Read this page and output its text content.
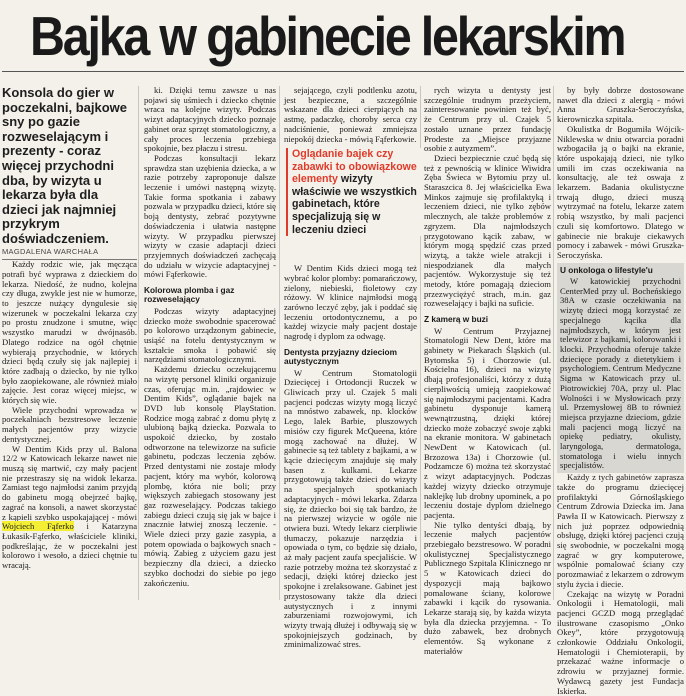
Bajka w gabinecie lekarskim

Konsola do gier w poczekalni, bajkowe sny po gazie rozweselającym i prezenty - coraz więcej przychodni dba, by wizyta u lekarza była dla dzieci jak najmniej przykrym doświadczeniem.

MAGDALENA WARCHAŁA

Każdy rodzic wie, jak męcząca potrafi być wyprawa z dzieckiem do lekarza. Niedość, że nudno, kolejna czy długa, zwykle jest nie w humorze, to jeszcze nużący dyngulesie się wizerunek w poczekalni lekarza czy po prostu znudzone i smutne, więc wszystko marudzi w dwójnasób. Dlatego rodzice na ogół chętnie wybierają przychodnie, w których dzieci będą czuły się jak najlepiej i które zadbają o dziecko, by nie tylko było zaopiekowane, ale również miało zajęcie. Jest coraz więcej miejsc, w których się wie.

Wiele przychodni wprowadza w poczekalniach bezstresowe leczenie małych pacjentów przy wizycie dentystycznej.

W Dentim Kids przy ul. Balona 12/2 w Katowicach lekarze nawet nie muszą się martwić, czy mały pacjent nie przestraszy się na widok lekarza. Zamiast tego najmłodsi zanim przyjdą do gabinetu mogą obejrzeć bajkę, zagrać na konsoli, a nawet skorzystać z kąpieli szybko uspokajającej - mówi Wojciech Fąferko i Katarzyna Łukasik-Fąferko, właściciele kliniki, podkreślając, że w poczekalni jest kolorowo i wesoło, a dzieci chętnie tu wracają.

ki. Dzięki temu zawsze u nas pojawi się uśmiech i dziecko chętnie wraca na kolejne wizyty. Podczas wizyt adaptacyjnych dziecko poznaje gabinet oraz sprzęt stomatologiczny, a cały proces leczenia przebiega spokojnie, bez płaczu i stresu.

Podczas konsultacji lekarz sprawdza stan uzębienia dziecka, a w razie potrzeby zaproponuje dalsze leczenie i umówi następną wizytę. Takie forma spotkania i zabawy pozwala w przypadku dzieci, które się boją dentysty, zebrać pozytywne doświadczenia i ułatwia następne wizyty. W przypadku pierwszej wizyty w czasie adaptacji dzieci przyjemnych doświadczeń zachęcają do udziału w wizycie adaptacyjnej - mówi Fąferkowie.

Kolorowa plomba i gaz rozweselający

Podczas wizyty adaptacyjnej dziecko może swobodnie spacerować po kolorowo urządzonym gabinecie, usiąść na fotelu dentystycznym w kształcie smoka i pobawić się narzędziami stomatologicznymi.

Każdemu dziecku oczekującemu na wizytę personel kliniki organizuje czas, oferując m.in. „rajdowiec w Dentim Kids”, oglądanie bajek na DVD lub konsolę PlayStation. Rodzice mogą zabrać z domu płytę z ulubioną bajką dziecka. Pozwala to uspokoić dziecko, by zostało odtworzone na telewizorze na suficie gabinetu, podczas leczenia zębów. Przed dentystami nie zostaje młody pacjent, który ma wybór, kolorową plombę, która nie boli; przy większych zabiegach stosowany jest gaz rozweselający. Podczas takiego zabiegu dzieci czują się jak w bajce i znacznie łatwiej znoszą leczenie. - Wiele dzieci przy gazie zasypia, a potem opowiada o bajkowych snach - mówią. Zabieg z użyciem gazu jest bezpieczny dla dzieci, a dziecko szybko dochodzi do siebie po jego zakończeniu.

sejającego, czyli podtlenku azotu, jest bezpieczne, a szczególnie wskazane dla dzieci cierpiących na astmę, padaczkę, choroby serca czy nadciśnienie, ponieważ zmniejsza niepokój dziecka - mówią Fąferkowie.

W Dentim Kids dzieci mogą też wybrać kolor plomby: pomarańczowy, zielony, niebieski, fioletowy czy różowy. W klinice najmłodsi mogą zarówno leczyć zęby, jak i poddać się leczeniu ortodontycznemu, a po każdej wizycie mały pacjent dostaje nagrodę i dyplom za odwagę.

Dentysta przyjazny dzieciom autystycznym

W Centrum Stomatologii Dziecięcej i Ortodoncji Ruczek w Gliwicach przy ul. Czajek 5 mali pacjenci podczas wizyty mogą liczyć na mnóstwo zabawek, np. klocków Lego, lalek Barbie, pluszowych misiów czy figurek McQueena, które mogą zachować na dłużej. W gabinecie są też tablety z bajkami, a w kącie dziecięcym znajduje się mały basen z kulkami. Lekarze przygotowują także dzieci do wizyty na specjalnych spotkaniach adaptacyjnych - mówi lekarka. Zdarza się, że dziecko boi się tak bardzo, że na pierwszej wizycie w ogóle nie otwiera buzi. Wtedy lekarz cierpliwie tłumaczy, pokazuje narzędzia i opowiada o tym, co będzie się działo, aż mały pacjent zaufa specjaliście. W razie potrzeby można też skorzystać z sedacji, dzięki której dziecko jest spokojne i zrelaksowane. Gabinet jest przystosowany także dla dzieci autystycznych i z innymi zaburzeniami rozwojowymi, ich wizyty trwają dłużej i odbywają się w spokojniejszych godzinach, by zminimalizować stres.

Oglądanie bajek czy zabawki to obowiązkowe elementy wizyty właściwie we wszystkich gabinetach, które specjalizują się w leczeniu dzieci

rych wizyta u dentysty jest szczególnie trudnym przeżyciem, zainteresowanie powinien też być, że Centrum przy ul. Czajek 5 zostało uznane przez fundację Prodeste za „Miejsce przyjazne osobie z autyzmem”.

Dzieci bezpiecznie czuć będą się też z pewnością w klinice Wiwidra Zęba Świeca w Bytomiu przy ul. Staraszcica 8. Jej właścicielka Ewa Minkos zajmuje się profilaktyką i leczeniem dzieci, nie tylko zębów mlecznych, ale także problemów z zgryzem. Dla najmłodszych przygotowano kącik zabaw, w którym mogą spędzić czas przed wizytą, a także wiele atrakcji i niespodzianek dla małych pacjentów. Wykorzystuje się też metody, które pomagają dzieciom przezwyciężyć strach, m.in. gaz rozweselający i bajki na suficie.

Z kamerą w buzi

W Centrum Przyjaznej Stomatologii New Dent, które ma gabinety w Piekarach Śląskich (ul. Bytomska 5) i Chorzowie (ul. Kościelna 16), dzieci na wizytę dbają profesjonaliści, którzy z dużą cierpliwością umieją zaopiekować się najmłodszymi pacjentami. Kadra gabinetu dysponuje kamerą wewnątrzustną, dzięki której dziecko może zobaczyć swoje ząbki na ekranie monitora. W gabinetach NewDent w Katowicach (ul. Brzozowa 13a) i Chorzowie (ul. Podzamcze 6) można też skorzystać z wizyt adaptacyjnych. Podczas każdej wizyty dziecko otrzymuje naklejkę lub drobny upominek, a po leczeniu dostaje dyplom dzielnego pacjenta.

Nie tylko dentyści dbają, by leczenie małych pacjentów przebiegało bezstresowo. W poradni okulistycznej Specjalistycznego Publicznego Szpitala Klinicznego nr 5 w Katowicach dzieci do dyspozycji mają bajkowo pomalowane ściany, kolorowe zabawki i kącik do rysowania. Lekarze starają się, by każda wizyta była dla dziecka przyjemna. - To dużo zabawek, bez drobnych elementów. Są wykonane z materiałów

by były dobrze dostosowane nawet dla dzieci z alergią - mówi Anna Gruszka-Seroczyńska, kierowniczka szpitala.

Okulistka dr Bogumiła Wójcik-Niklewska w dniu otwarcia poradni wzbogaciła ją o bajki na ekranie, które uspokajają dzieci, nie tylko umili im czas oczekiwania na konsultację, ale też oswaja z lekarzem. Badania okulistyczne trwają długo, dzieci muszą wytrzymać na fotelu, lekarze zatem robią wszystko, by mali pacjenci czuli się komfortowo. Dlatego w gabinecie nie brakuje ciekawych pomocy i zabawek - mówi Gruszka-Seroczyńska.

U onkologa o lifestyle'u

W katowickiej przychodni CenterMed przy ul. Bocheńskiego 38A w czasie oczekiwania na wizytę dzieci mogą korzystać ze specjalnego kącika dla najmłodszych, w którym jest telewizor z bajkami, kolorowanki i klocki. Przychodnia oferuje także dziecięce porady z dietetykiem i psychologiem. Centrum Medyczne Sigma w Katowicach przy ul. Piotrowickiej 70A, przy ul. Plac Wolności i w Mysłowicach przy ul. Przemysłowej 8B to również miejsca przyjazne dzieciom, gdzie mali pacjenci mogą liczyć na opiekę pediatry, okulisty, laryngologa, dermatologa, stomatologa i wielu innych specjalistów.

Każdy z tych gabinetów zaprasza także do programu dziecięcej profilaktyki Górnośląskiego Centrum Zdrowia Dziecka im. Jana Pawła II w Katowicach. Pierwszy z nich już poprzez odpowiednią obsługę, dzięki której pacjenci czują się swobodnie, w poczekalni mogą zagrać w gry komputerowe, wspólnie pomalować ściany czy porozmawiać z lekarzem o zdrowym stylu życia i diecie.

Czekając na wizytę w Poradni Onkologii i Hematologii, mali pacjenci GCZD mogą przeglądać ilustrowane czasopismo „Onko Okey”, które przygotowują członkowie Oddziału Onkologii, Hematologii i Chemioterapii, by przekazać ważne informacje o zdrowiu w przyjaznej formie. Wydawcą gazety jest Fundacja Iskierka.
